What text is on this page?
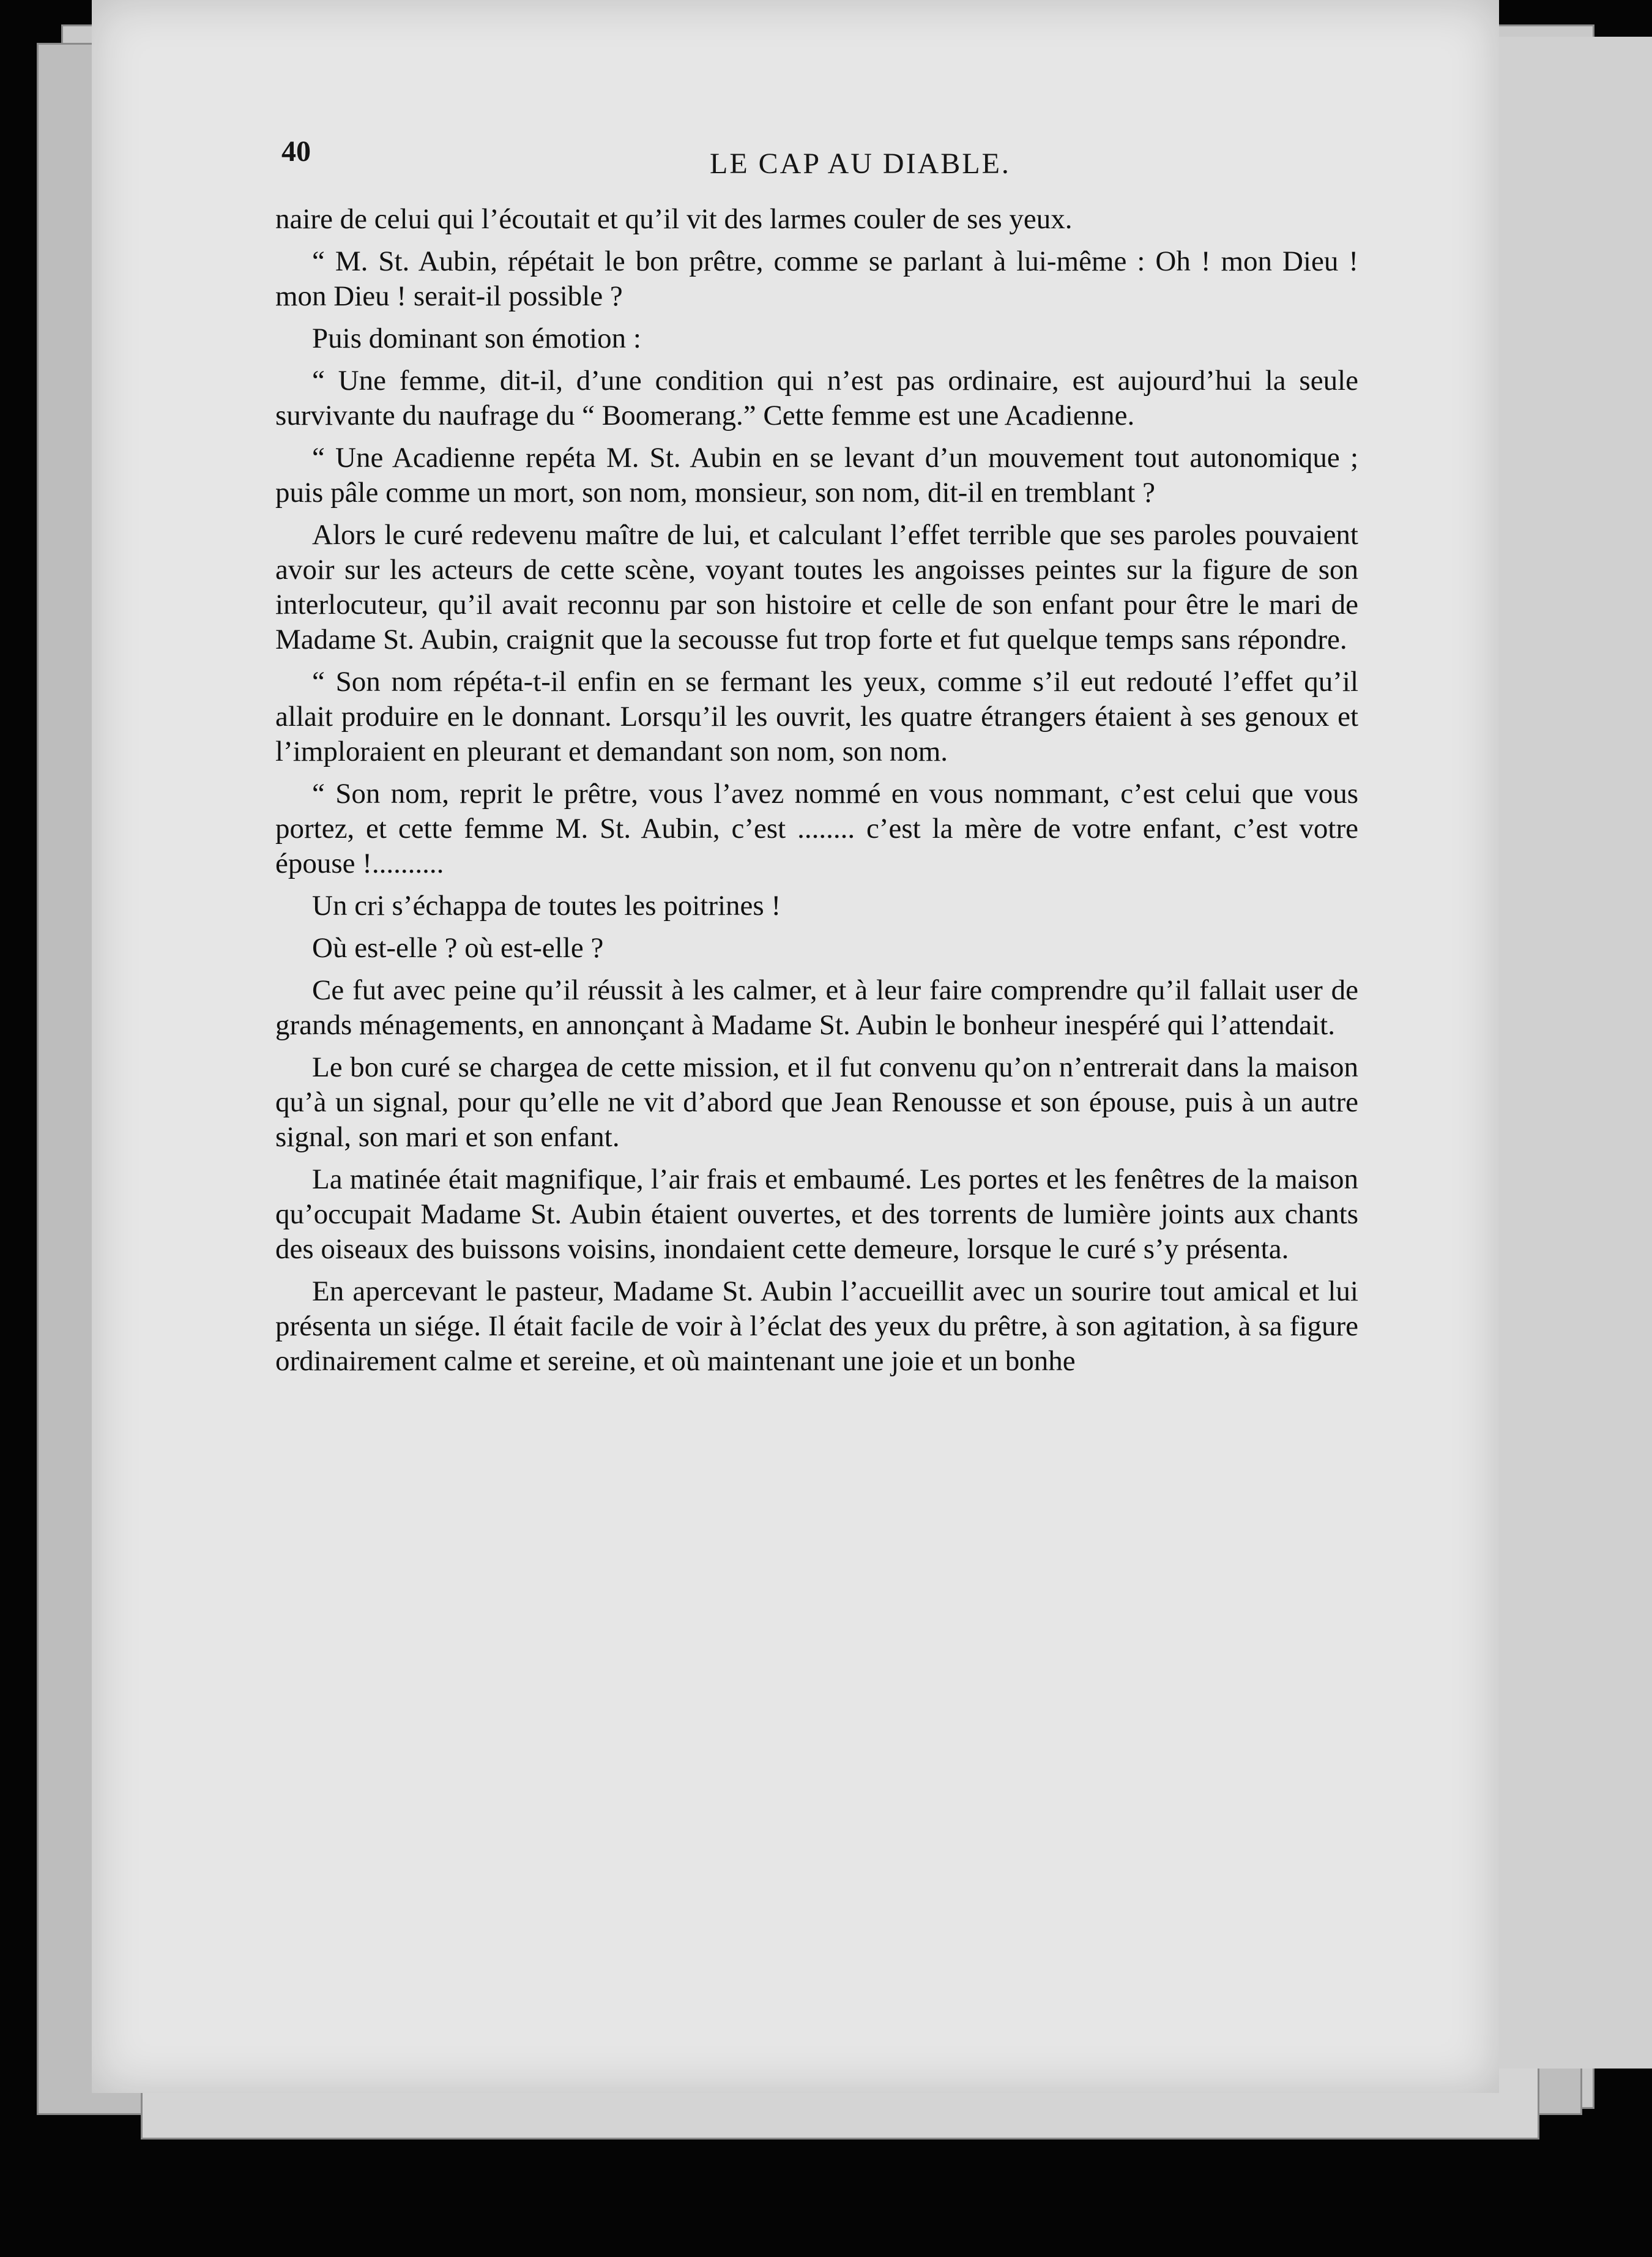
40	LE CAP AU DIABLE.

naire de celui qui l’écoutait et qu’il vit des larmes couler de ses yeux.

“ M. St. Aubin, répétait le bon prêtre, comme se parlant à lui-même : Oh ! mon Dieu ! mon Dieu ! serait-il possible ?

Puis dominant son émotion :

“ Une femme, dit-il, d’une condition qui n’est pas ordinaire, est aujourd’hui la seule survivante du naufrage du “ Boomerang.” Cette femme est une Acadienne.

“ Une Acadienne repéta M. St. Aubin en se levant d’un mouvement tout autonomique ; puis pâle comme un mort, son nom, monsieur, son nom, dit-il en tremblant ?

Alors le curé redevenu maître de lui, et calculant l’effet terrible que ses paroles pouvaient avoir sur les acteurs de cette scène, voyant toutes les angoisses peintes sur la figure de son interlocuteur, qu’il avait reconnu par son histoire et celle de son enfant pour être le mari de Madame St. Aubin, craignit que la secousse fut trop forte et fut quelque temps sans répondre.

“ Son nom répéta-t-il enfin en se fermant les yeux, comme s’il eut redouté l’effet qu’il allait produire en le donnant. Lorsqu’il les ouvrit, les quatre étrangers étaient à ses genoux et l’imploraient en pleurant et demandant son nom, son nom.

“ Son nom, reprit le prêtre, vous l’avez nommé en vous nommant, c’est celui que vous portez, et cette femme M. St. Aubin, c’est ........ c’est la mère de votre enfant, c’est votre épouse !..........

Un cri s’échappa de toutes les poitrines !

Où est-elle ? où est-elle ?

Ce fut avec peine qu’il réussit à les calmer, et à leur faire comprendre qu’il fallait user de grands ménagements, en annonçant à Madame St. Aubin le bonheur inespéré qui l’attendait.

Le bon curé se chargea de cette mission, et il fut convenu qu’on n’entrerait dans la maison qu’à un signal, pour qu’elle ne vit d’abord que Jean Renousse et son épouse, puis à un autre signal, son mari et son enfant.

La matinée était magnifique, l’air frais et embaumé. Les portes et les fenêtres de la maison qu’occupait Madame St. Aubin étaient ouvertes, et des torrents de lumière joints aux chants des oiseaux des buissons voisins, inondaient cette demeure, lorsque le curé s’y présenta.

En apercevant le pasteur, Madame St. Aubin l’accueillit avec un sourire tout amical et lui présenta un siége. Il était facile de voir à l’éclat des yeux du prêtre, à son agitation, à sa figure ordinairement calme et sereine, et où maintenant une joie et un bonhe
